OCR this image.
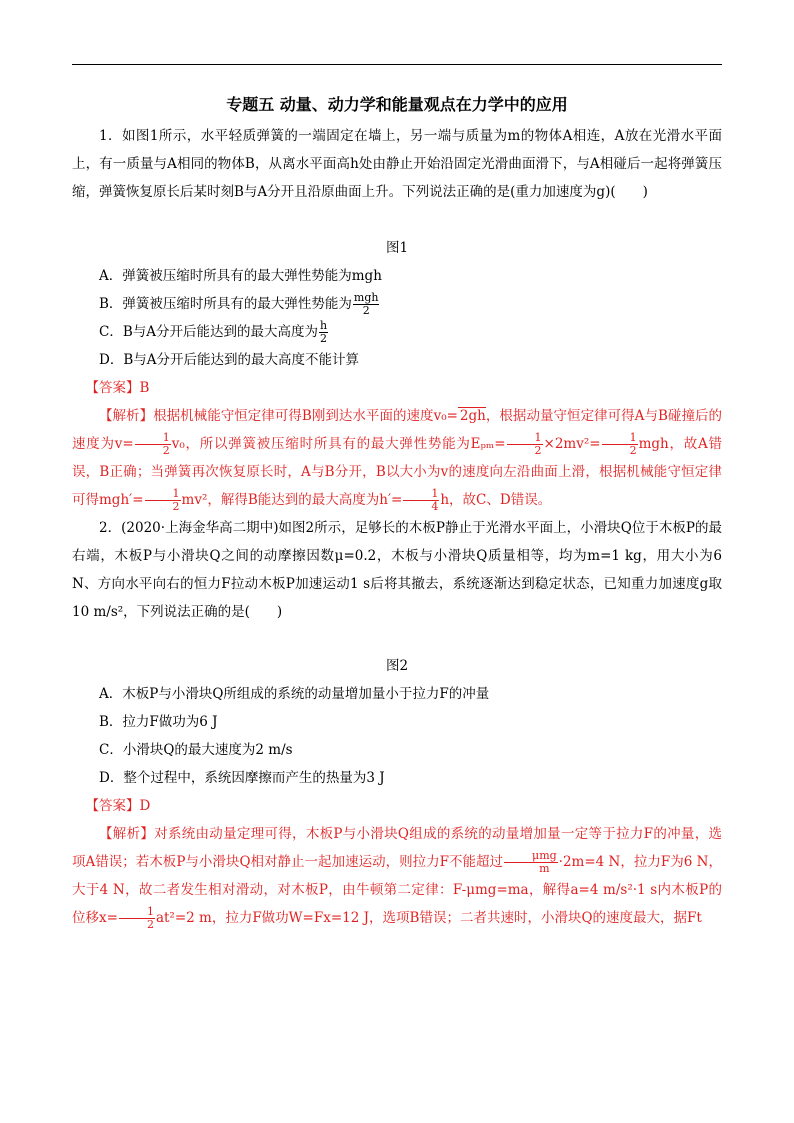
专题五 动量、动力学和能量观点在力学中的应用

1．如图1所示，水平轻质弹簧的一端固定在墙上，另一端与质量为m的物体A相连，A放在光滑水平面上，有一质量与A相同的物体B，从离水平面高h处由静止开始沿固定光滑曲面滑下，与A相碰后一起将弹簧压缩，弹簧恢复原长后某时刻B与A分开且沿原曲面上升。下列说法正确的是(重力加速度为g)(　　)

图1

A．弹簧被压缩时所具有的最大弹性势能为mgh

B．弹簧被压缩时所具有的最大弹性势能为 mgh
2

C．B与A分开后能达到的最大高度为 $\frac{h}{2}$

D．B与A分开后能达到的最大高度不能计算

【答案】B

【解析】根据机械能守恒定律可得B刚到达水平面的速度v₀= 2gh，根据动量守恒定律可得A与B碰撞后的速度为$v= \frac{1}{2} v_0$，所以弹簧被压缩时所具有的最大弹性势能为$E_{pm}= \frac{1}{2} \times 2mv^2= \frac{1}{2}$ mgh，故A错误，B正确；当弹簧再次恢复原长时，A与B分开，B以大小为v的速度向左沿曲面上滑，根据机械能守恒定律可得$mgh'= \frac{1}{2} mv^2$，解得B能达到的最大高度为$h'= \frac{1}{4}$ h，故C、D错误。

2．(2020·上海金华高二期中)如图2所示，足够长的木板P静止于光滑水平面上，小滑块Q位于木板P的最右端，木板P与小滑块Q之间的动摩擦因数μ=0.2，木板与小滑块Q质量相等，均为m=1 kg，用大小为6 N、方向水平向右的恒力F拉动木板P加速运动1 s后将其撤去，系统逐渐达到稳定状态，已知重力加速度g取10 m/s²，下列说法正确的是(　　)

图2

A．木板P与小滑块Q所组成的系统的动量增加量小于拉力F的冲量

B．拉力F做功为6 J

C．小滑块Q的最大速度为2 m/s

D．整个过程中，系统因摩擦而产生的热量为3 J

【答案】D

【解析】对系统由动量定理可得，木板P与小滑块Q组成的系统的动量增加量一定等于拉力F的冲量，选项A错误；若木板P与小滑块Q相对静止一起加速运动，则拉力F不能超过	μmg
m ·2m=4 N，拉力F为6 N，大于4 N，故二者发生相对滑动，对木板P，由牛顿第二定律：F-μmg=ma，解得a=4 m/s²·1 s内木板P的位移$x= \frac{1}{2} at^2=2$ m，拉力F做功W=Fx=12 J，选项B错误；二者共速时，小滑块Q的速度最大，据Ft
